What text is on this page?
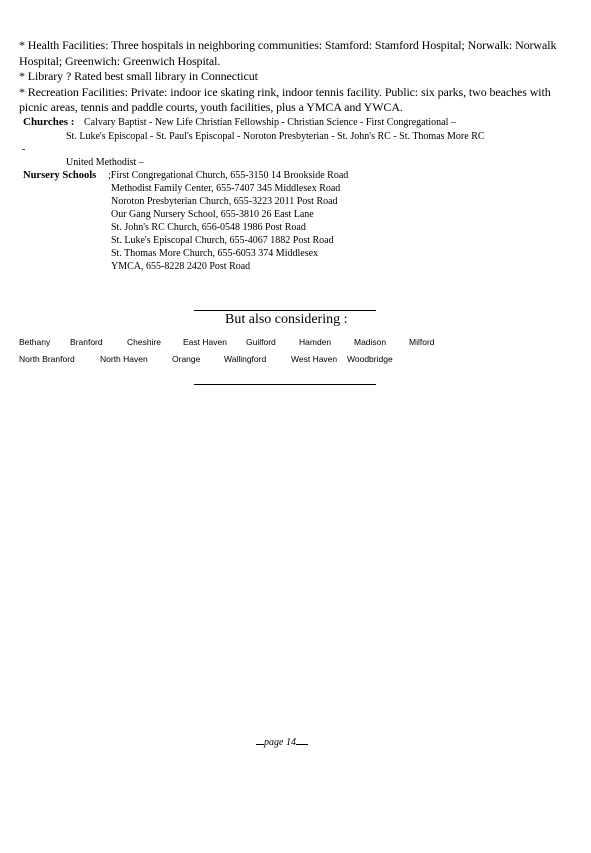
* Health Facilities: Three hospitals in neighboring communities: Stamford: Stamford Hospital; Norwalk: Norwalk Hospital; Greenwich: Greenwich Hospital.

* Library ? Rated best small library in Connecticut

* Recreation Facilities: Private: indoor ice skating rink, indoor tennis facility. Public: six parks, two beaches with picnic areas, tennis and paddle courts, youth facilities, plus a YMCA and YWCA.

Churches : Calvary Baptist - New Life Christian Fellowship - Christian Science - First Congregational –
St. Luke's Episcopal - St. Paul's Episcopal - Noroton Presbyterian - St. John's RC - St. Thomas More RC
-
United Methodist –
Nursery Schools ;First Congregational Church, 655-3150 14 Brookside Road
Methodist Family Center, 655-7407 345 Middlesex Road
Noroton Presbyterian Church, 655-3223 2011 Post Road
Our Gang Nursery School, 655-3810 26 East Lane
St. John's RC Church, 656-0548 1986 Post Road
St. Luke's Episcopal Church, 655-4067 1882 Post Road
St. Thomas More Church, 655-6053 374 Middlesex
YMCA, 655-8228 2420 Post Road
But also considering :
Bethany Branford	Cheshire	East Haven Guilford	Hamden	Madison	Milford
North Branford	North Haven	Orange	Wallingford	West Haven Woodbridge
page 14
